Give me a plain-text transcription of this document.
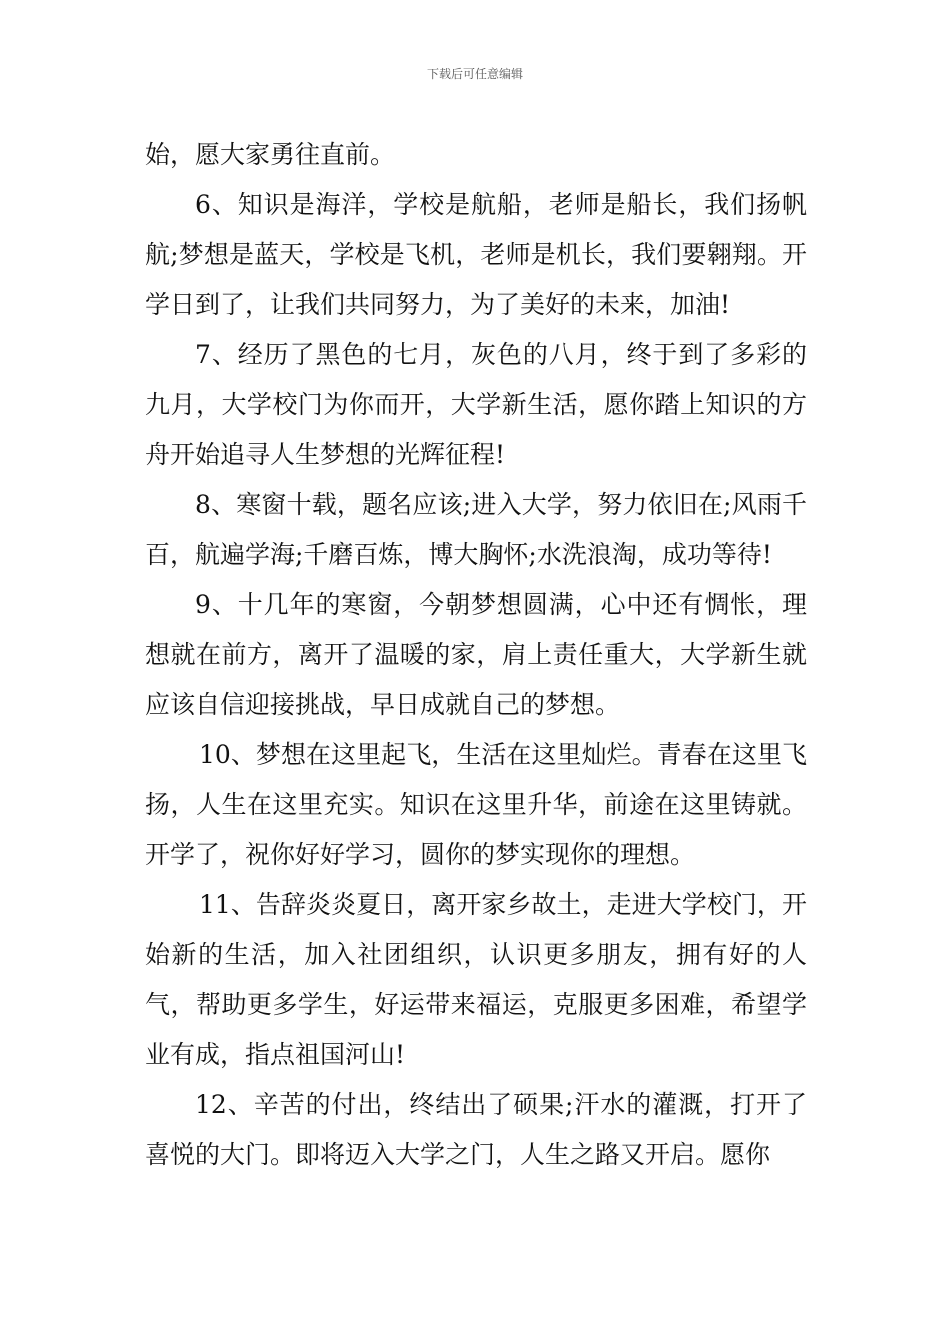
下载后可任意编辑

始，愿大家勇往直前。

6、知识是海洋，学校是航船，老师是船长，我们扬帆航;梦想是蓝天，学校是飞机，老师是机长，我们要翱翔。开学日到了，让我们共同努力，为了美好的未来，加油!

7、经历了黑色的七月，灰色的八月，终于到了多彩的九月，大学校门为你而开，大学新生活，愿你踏上知识的方舟开始追寻人生梦想的光辉征程!

8、寒窗十载，题名应该;进入大学，努力依旧在;风雨千百，航遍学海;千磨百炼，博大胸怀;水洗浪淘，成功等待!

9、十几年的寒窗，今朝梦想圆满，心中还有惆怅，理想就在前方，离开了温暖的家，肩上责任重大，大学新生就应该自信迎接挑战，早日成就自己的梦想。

10、梦想在这里起飞，生活在这里灿烂。青春在这里飞扬，人生在这里充实。知识在这里升华，前途在这里铸就。开学了，祝你好好学习，圆你的梦实现你的理想。

11、告辞炎炎夏日，离开家乡故土，走进大学校门，开始新的生活，加入社团组织，认识更多朋友，拥有好的人气，帮助更多学生，好运带来福运，克服更多困难，希望学业有成，指点祖国河山!

12、辛苦的付出，终结出了硕果;汗水的灌溉，打开了喜悦的大门。即将迈入大学之门，人生之路又开启。愿你
